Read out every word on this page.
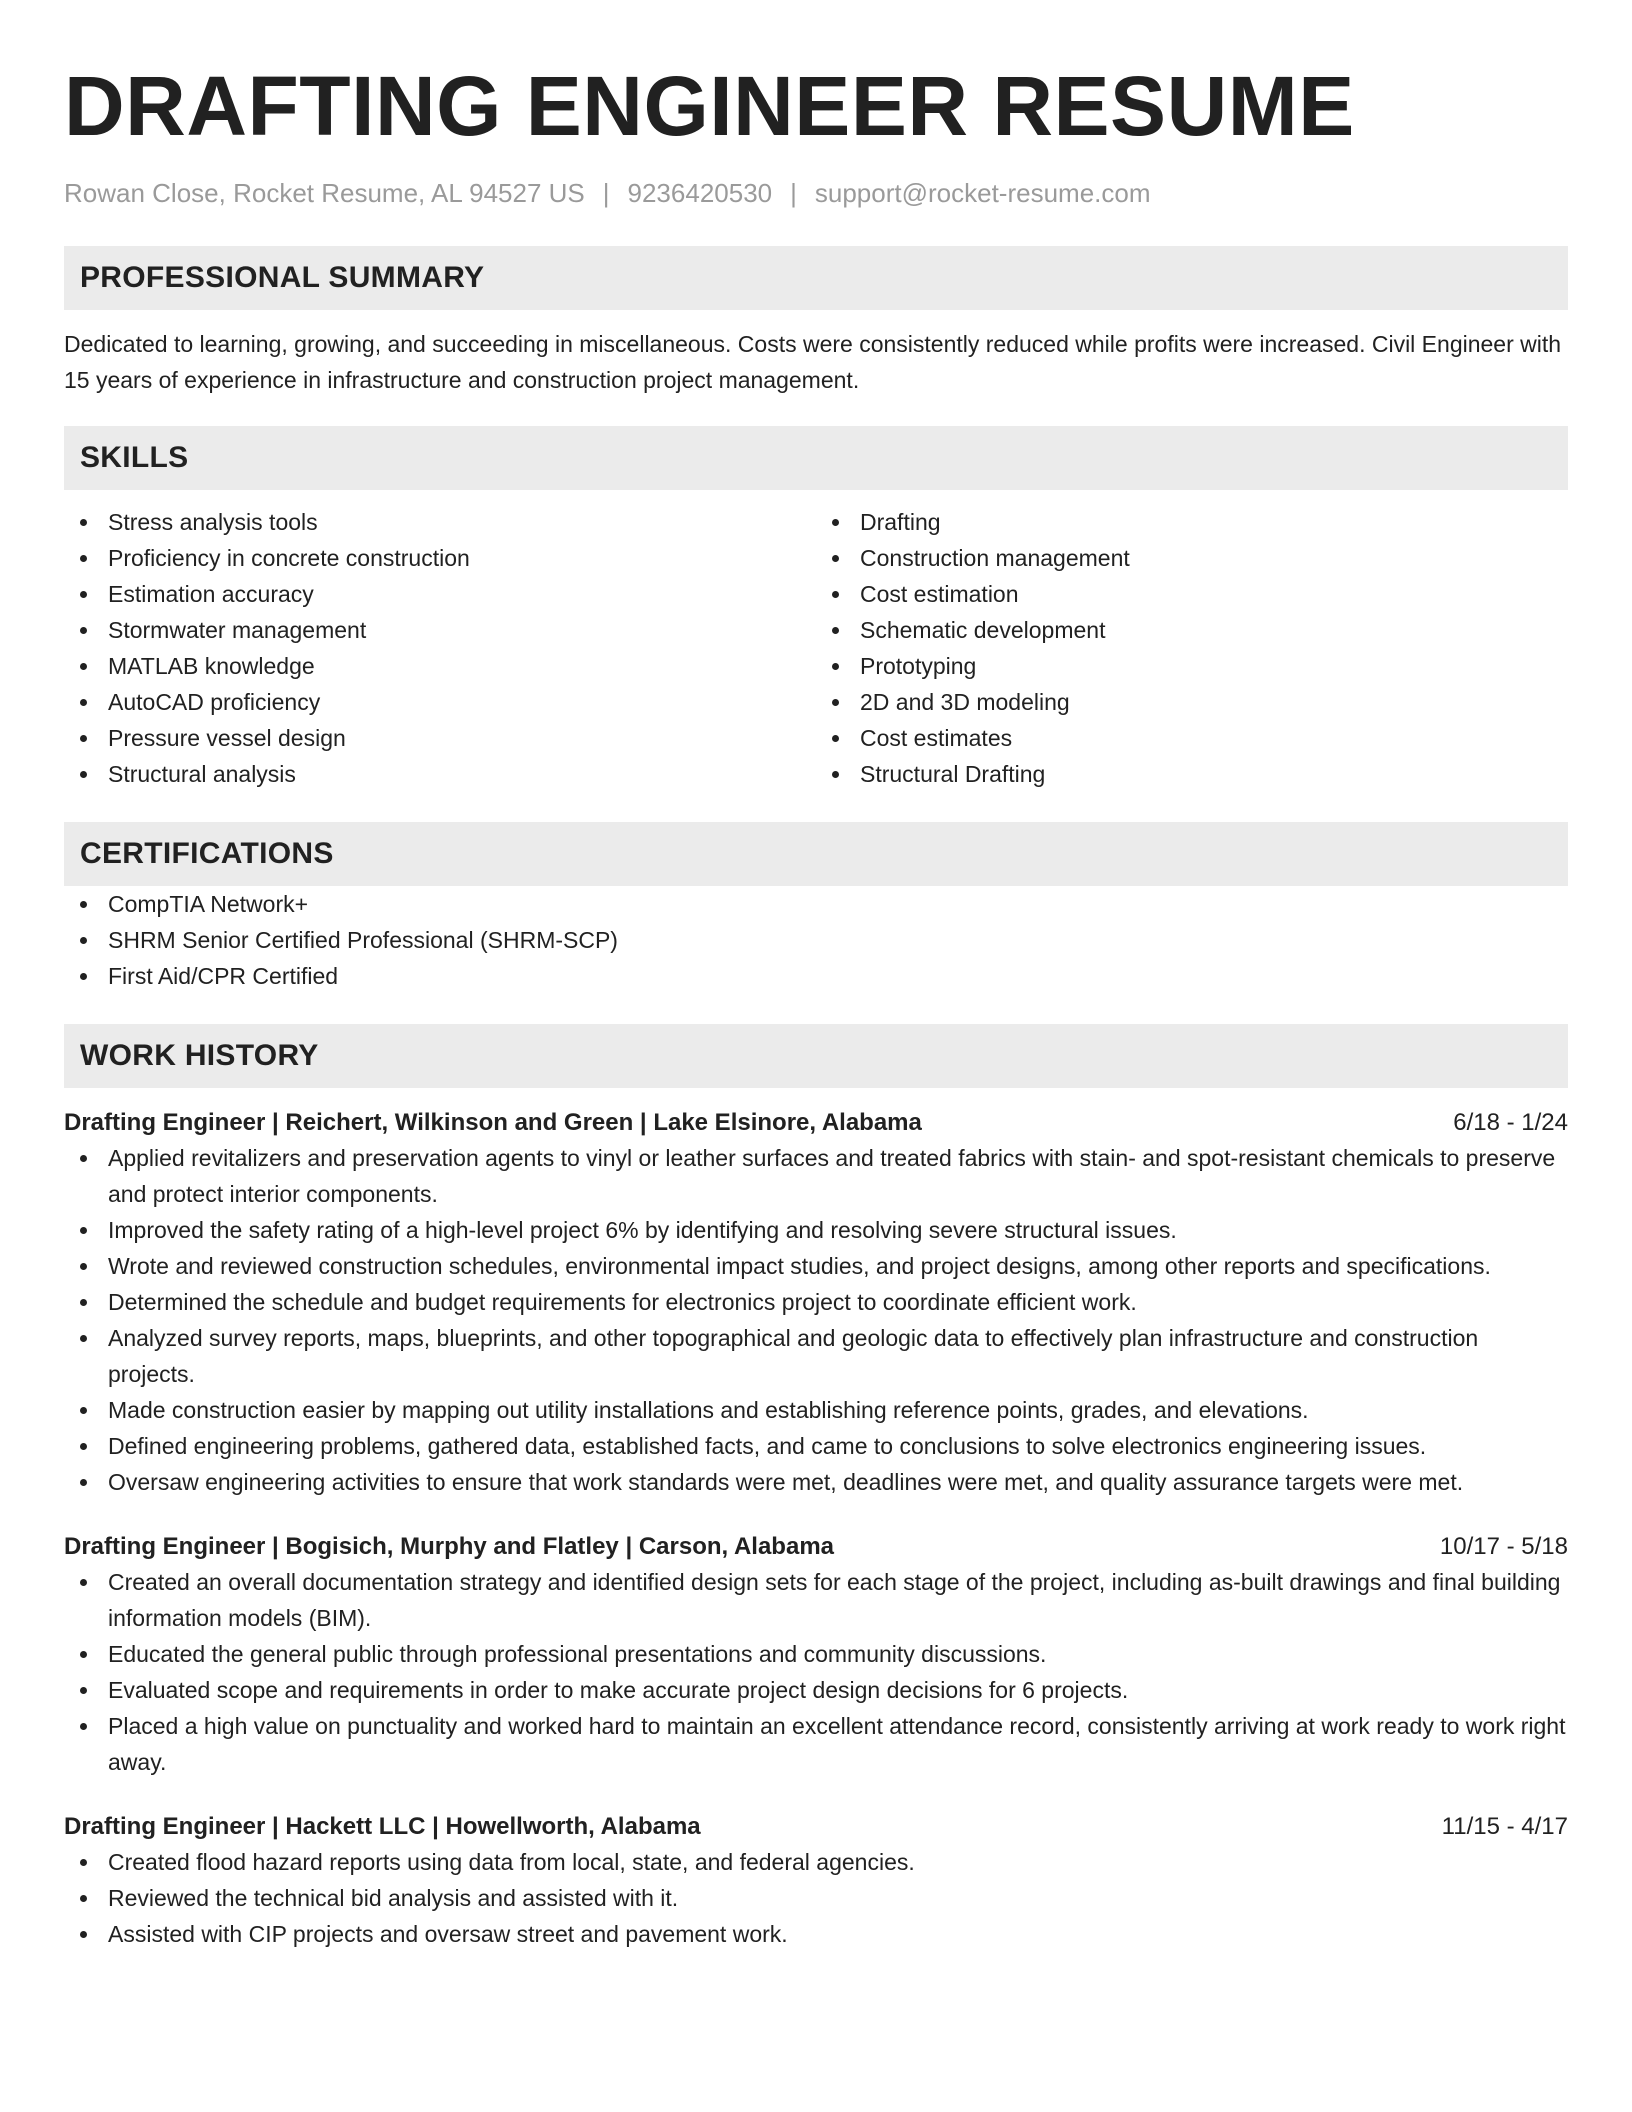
DRAFTING ENGINEER RESUME
Rowan Close, Rocket Resume, AL 94527 US | 9236420530 | support@rocket-resume.com
PROFESSIONAL SUMMARY

Dedicated to learning, growing, and succeeding in miscellaneous. Costs were consistently reduced while profits were increased. Civil Engineer with 15 years of experience in infrastructure and construction project management.

SKILLS
Stress analysis tools
Proficiency in concrete construction
Estimation accuracy
Stormwater management
MATLAB knowledge
AutoCAD proficiency
Pressure vessel design
Structural analysis
Drafting
Construction management
Cost estimation
Schematic development
Prototyping
2D and 3D modeling
Cost estimates
Structural Drafting
CERTIFICATIONS
CompTIA Network+
SHRM Senior Certified Professional (SHRM-SCP)
First Aid/CPR Certified
WORK HISTORY
Drafting Engineer | Reichert, Wilkinson and Green | Lake Elsinore, Alabama	6/18 - 1/24
Applied revitalizers and preservation agents to vinyl or leather surfaces and treated fabrics with stain- and spot-resistant chemicals to preserve and protect interior components.
Improved the safety rating of a high-level project 6% by identifying and resolving severe structural issues.
Wrote and reviewed construction schedules, environmental impact studies, and project designs, among other reports and specifications.
Determined the schedule and budget requirements for electronics project to coordinate efficient work.
Analyzed survey reports, maps, blueprints, and other topographical and geologic data to effectively plan infrastructure and construction projects.
Made construction easier by mapping out utility installations and establishing reference points, grades, and elevations.
Defined engineering problems, gathered data, established facts, and came to conclusions to solve electronics engineering issues.
Oversaw engineering activities to ensure that work standards were met, deadlines were met, and quality assurance targets were met.
Drafting Engineer | Bogisich, Murphy and Flatley | Carson, Alabama	10/17 - 5/18
Created an overall documentation strategy and identified design sets for each stage of the project, including as-built drawings and final building information models (BIM).
Educated the general public through professional presentations and community discussions.
Evaluated scope and requirements in order to make accurate project design decisions for 6 projects.
Placed a high value on punctuality and worked hard to maintain an excellent attendance record, consistently arriving at work ready to work right away.
Drafting Engineer | Hackett LLC | Howellworth, Alabama	11/15 - 4/17
Created flood hazard reports using data from local, state, and federal agencies.
Reviewed the technical bid analysis and assisted with it.
Assisted with CIP projects and oversaw street and pavement work.
